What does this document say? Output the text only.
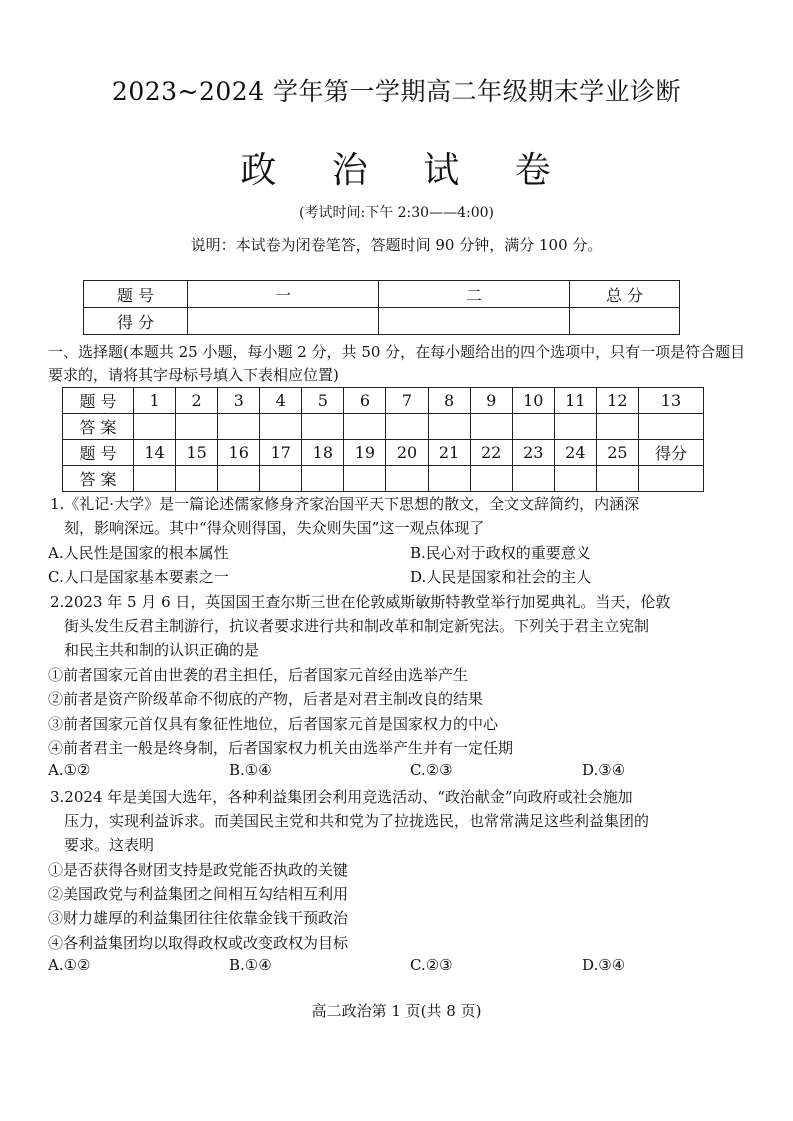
2023~2024 学年第一学期高二年级期末学业诊断
政 治 试 卷
(考试时间:下午 2:30——4:00)
说明：本试卷为闭卷笔答，答题时间 90 分钟，满分 100 分。
题 号	一	二	总 分
得 分			
一、选择题(本题共 25 小题，每小题 2 分，共 50 分，在每小题给出的四个选项中，只有一项是符合题目要求的，请将其字母标号填入下表相应位置)
题 号	1	2	3	4	5	6	7	8	9	10	11	12	13
答 案													
题 号	14	15	16	17	18	19	20	21	22	23	24	25	得分
答 案													
1.《礼记·大学》是一篇论述儒家修身齐家治国平天下思想的散文，全文文辞简约，内涵深
刻，影响深远。其中“得众则得国，失众则失国”这一观点体现了
A.人民性是国家的根本属性	B.民心对于政权的重要意义
C.人口是国家基本要素之一	D.人民是国家和社会的主人
2.2023 年 5 月 6 日，英国国王查尔斯三世在伦敦威斯敏斯特教堂举行加冕典礼。当天，伦敦
街头发生反君主制游行，抗议者要求进行共和制改革和制定新宪法。下列关于君主立宪制
和民主共和制的认识正确的是
①前者国家元首由世袭的君主担任，后者国家元首经由选举产生
②前者是资产阶级革命不彻底的产物，后者是对君主制改良的结果
③前者国家元首仅具有象征性地位，后者国家元首是国家权力的中心
④前者君主一般是终身制，后者国家权力机关由选举产生并有一定任期
A.①②	B.①④	C.②③	D.③④
3.2024 年是美国大选年，各种利益集团会利用竞选活动、“政治献金”向政府或社会施加
压力，实现利益诉求。而美国民主党和共和党为了拉拢选民，也常常满足这些利益集团的
要求。这表明
①是否获得各财团支持是政党能否执政的关键
②美国政党与利益集团之间相互勾结相互利用
③财力雄厚的利益集团往往依靠金钱干预政治
④各利益集团均以取得政权或改变政权为目标
A.①②	B.①④	C.②③	D.③④
高二政治第 1 页(共 8 页)
